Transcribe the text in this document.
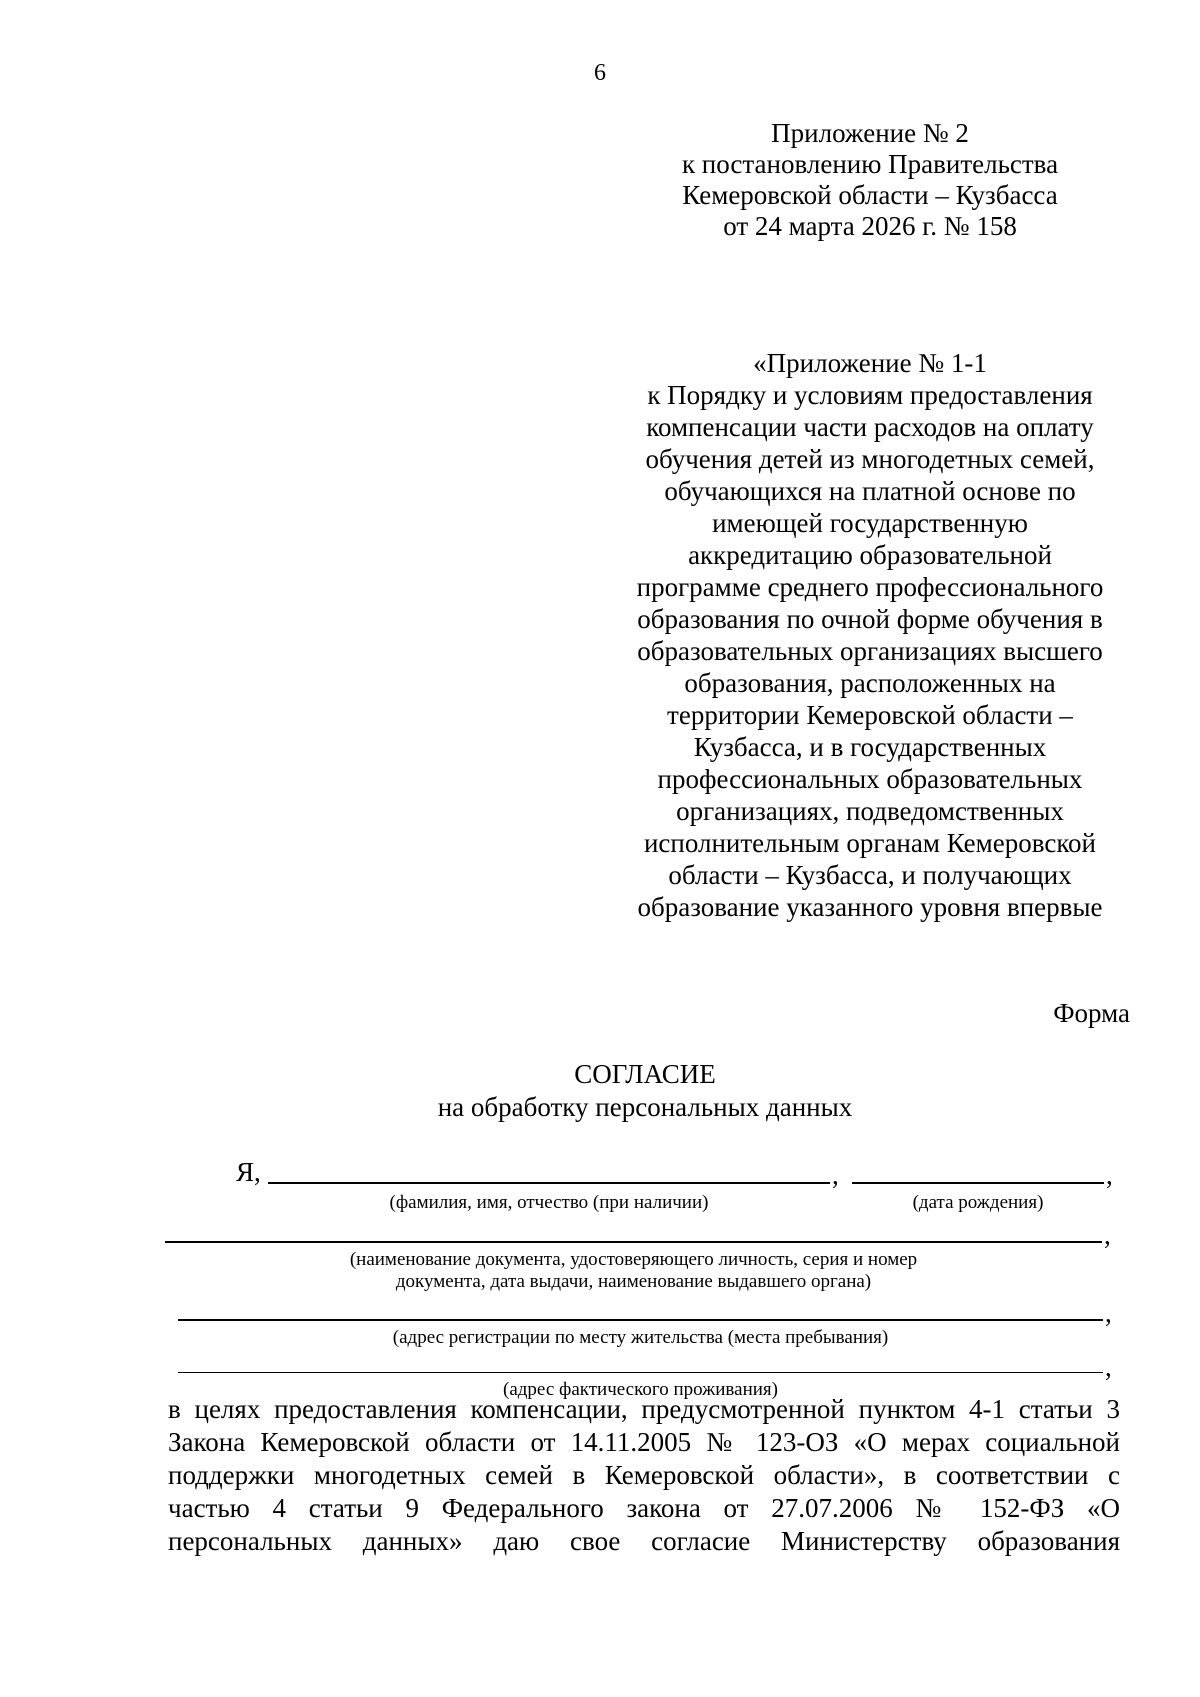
6
Приложение № 2
к постановлению Правительства
Кемеровской области – Кузбасса
от 24 марта 2026 г. № 158
«Приложение № 1-1
к Порядку и условиям предоставления
компенсации части расходов на оплату
обучения детей из многодетных семей,
обучающихся на платной основе по
имеющей государственную
аккредитацию образовательной
программе среднего профессионального
образования по очной форме обучения в
образовательных организациях высшего
образования, расположенных на
территории Кемеровской области –
Кузбасса, и в государственных
профессиональных образовательных
организациях, подведомственных
исполнительным органам Кемеровской
области – Кузбасса, и получающих
образование указанного уровня впервые
Форма
СОГЛАСИЕ
на обработку персональных данных
Я,	,	,
(фамилия, имя, отчество (при наличии)	(дата рождения)
,
(наименование документа, удостоверяющего личность, серия и номер
документа, дата выдачи, наименование выдавшего органа)
,
(адрес регистрации по месту жительства (места пребывания)
,
(адрес фактического проживания)
в целях предоставления компенсации, предусмотренной пунктом 4-1 статьи 3
Закона Кемеровской области от 14.11.2005 № 123-ОЗ «О мерах социальной
поддержки многодетных семей в Кемеровской области», в соответствии с
частью 4 статьи 9 Федерального закона от 27.07.2006 № 152-ФЗ «О
персональных данных» даю свое согласие Министерству образования
